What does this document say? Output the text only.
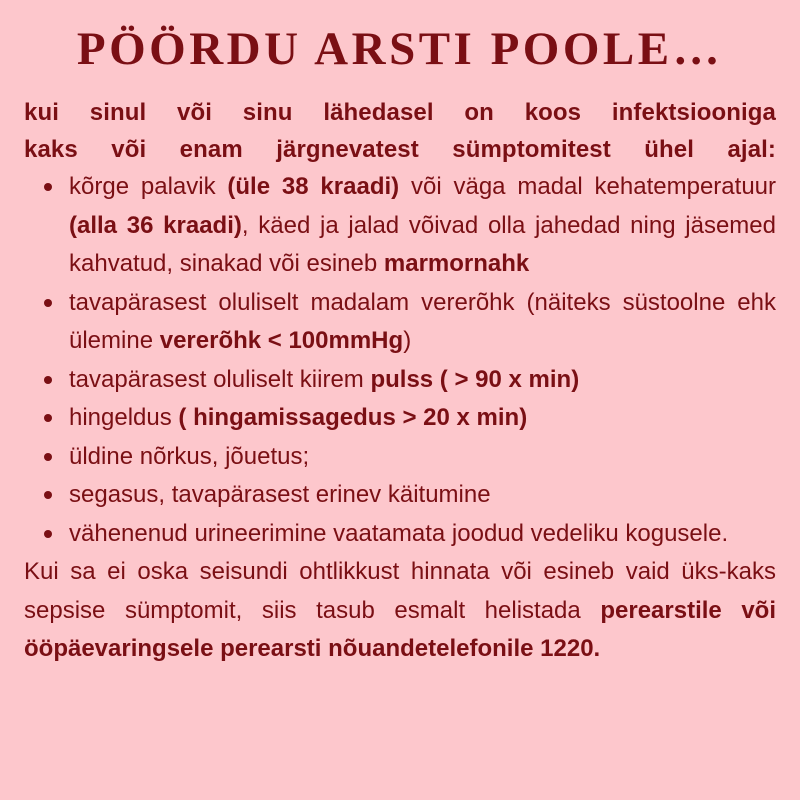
PÖÖRDU ARSTI POOLE…

kui sinul või sinu lähedasel on koos infektsiooniga
kaks või enam järgnevatest sümptomitest ühel ajal:

kõrge palavik (üle 38 kraadi) või väga madal kehatemperatuur (alla 36 kraadi), käed ja jalad võivad olla jahedad ning jäsemed kahvatud, sinakad või esineb marmornahk
tavapärasest oluliselt madalam vererõhk (näiteks süstoolne ehk ülemine vererõhk < 100mmHg)
tavapärasest oluliselt kiirem pulss ( > 90 x min)
hingeldus ( hingamissagedus > 20 x min)
üldine nõrkus, jõuetus;
segasus, tavapärasest erinev käitumine
vähenenud urineerimine vaatamata joodud vedeliku kogusele.

Kui sa ei oska seisundi ohtlikkust hinnata või esineb vaid üks-kaks sepsise sümptomit, siis tasub esmalt helistada perearstile või ööpäevaringsele perearsti nõuandetelefonile 1220.
